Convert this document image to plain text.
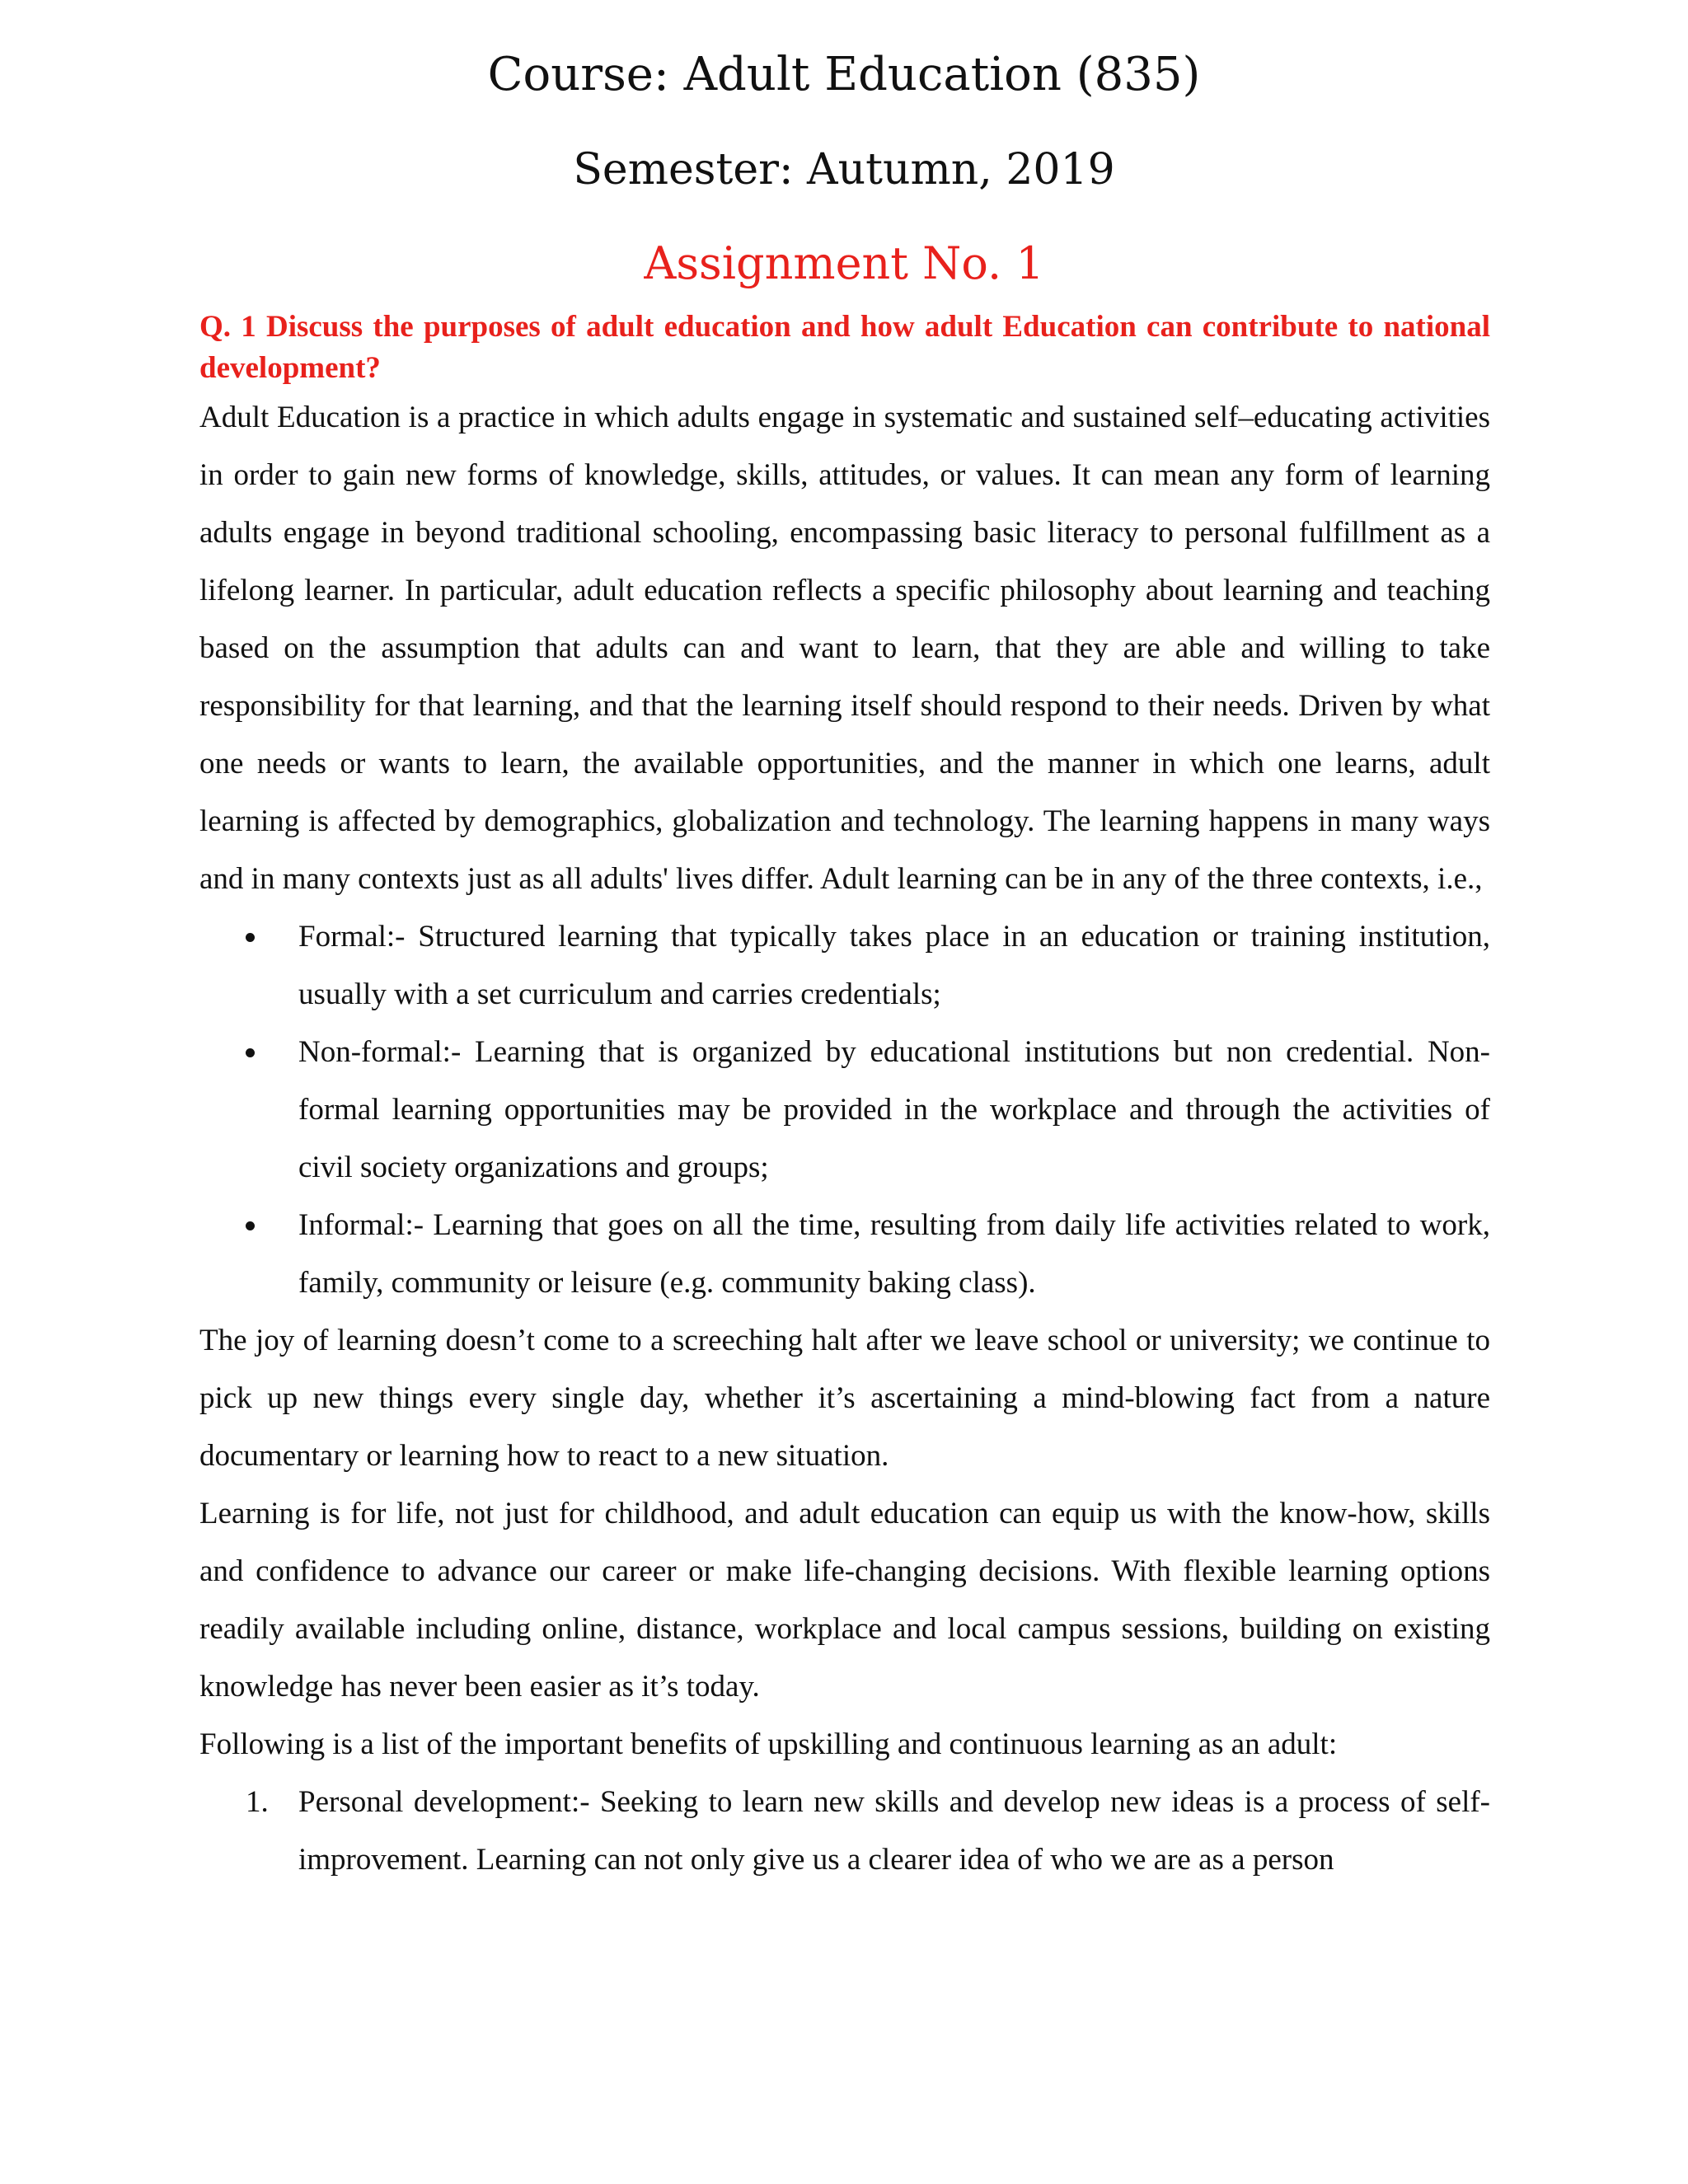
Course: Adult Education (835)
Semester: Autumn, 2019
Assignment No. 1

Q. 1 Discuss the purposes of adult education and how adult Education can contribute to national development?

Adult Education is a practice in which adults engage in systematic and sustained self–educating activities in order to gain new forms of knowledge, skills, attitudes, or values. It can mean any form of learning adults engage in beyond traditional schooling, encompassing basic literacy to personal fulfillment as a lifelong learner. In particular, adult education reflects a specific philosophy about learning and teaching based on the assumption that adults can and want to learn, that they are able and willing to take responsibility for that learning, and that the learning itself should respond to their needs. Driven by what one needs or wants to learn, the available opportunities, and the manner in which one learns, adult learning is affected by demographics, globalization and technology. The learning happens in many ways and in many contexts just as all adults' lives differ. Adult learning can be in any of the three contexts, i.e.,

Formal:- Structured learning that typically takes place in an education or training institution, usually with a set curriculum and carries credentials;

Non-formal:- Learning that is organized by educational institutions but non credential. Non-formal learning opportunities may be provided in the workplace and through the activities of civil society organizations and groups;

Informal:- Learning that goes on all the time, resulting from daily life activities related to work, family, community or leisure (e.g. community baking class).

The joy of learning doesn’t come to a screeching halt after we leave school or university; we continue to pick up new things every single day, whether it’s ascertaining a mind-blowing fact from a nature documentary or learning how to react to a new situation.

Learning is for life, not just for childhood, and adult education can equip us with the know-how, skills and confidence to advance our career or make life-changing decisions. With flexible learning options readily available including online, distance, workplace and local campus sessions, building on existing knowledge has never been easier as it’s today.

Following is a list of the important benefits of upskilling and continuous learning as an adult:

1. Personal development:- Seeking to learn new skills and develop new ideas is a process of self-improvement. Learning can not only give us a clearer idea of who we are as a person
